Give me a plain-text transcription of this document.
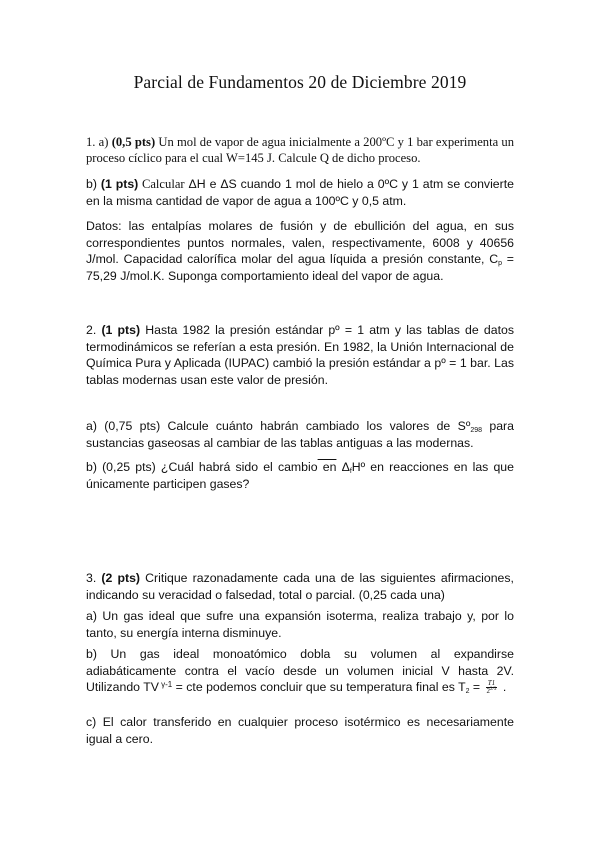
Parcial de Fundamentos 20 de Diciembre 2019

1. a) (0,5 pts) Un mol de vapor de agua inicialmente a 200ºC y 1 bar experimenta un proceso cíclico para el cual W=145 J. Calcule Q de dicho proceso.

b) (1 pts) Calcular ΔH e ΔS cuando 1 mol de hielo a 0ºC y 1 atm se convierte en la misma cantidad de vapor de agua a 100ºC y 0,5 atm.

Datos: las entalpías molares de fusión y de ebullición del agua, en sus correspondientes puntos normales, valen, respectivamente, 6008 y 40656 J/mol. Capacidad calorífica molar del agua líquida a presión constante, $C_p = 75,29$ J/mol.K. Suponga comportamiento ideal del vapor de agua.

2. (1 pts) Hasta 1982 la presión estándar pº = 1 atm y las tablas de datos termodinámicos se referían a esta presión. En 1982, la Unión Internacional de Química Pura y Aplicada (IUPAC) cambió la presión estándar a pº = 1 bar. Las tablas modernas usan este valor de presión.

a) (0,75 pts) Calcule cuánto habrán cambiado los valores de Sº$_{298}$ para sustancias gaseosas al cambiar de las tablas antiguas a las modernas.

b) (0,25 pts) ¿Cuál habrá sido el cambio en $\Delta_fHº$ en reacciones en las que únicamente participen gases?

3. (2 pts) Critique razonadamente cada una de las siguientes afirmaciones, indicando su veracidad o falsedad, total o parcial. (0,25 cada una)

a) Un gas ideal que sufre una expansión isoterma, realiza trabajo y, por lo tanto, su energía interna disminuye.

b) Un gas ideal monoatómico dobla su volumen al expandirse adiabáticamente contra el vacío desde un volumen inicial V hasta 2V. Utilizando TV $^{\gamma-1}$ = cte podemos concluir que su temperatura final es $T_2 = \frac{T1}{2^{2/3}}$ .

c) El calor transferido en cualquier proceso isotérmico es necesariamente igual a cero.
